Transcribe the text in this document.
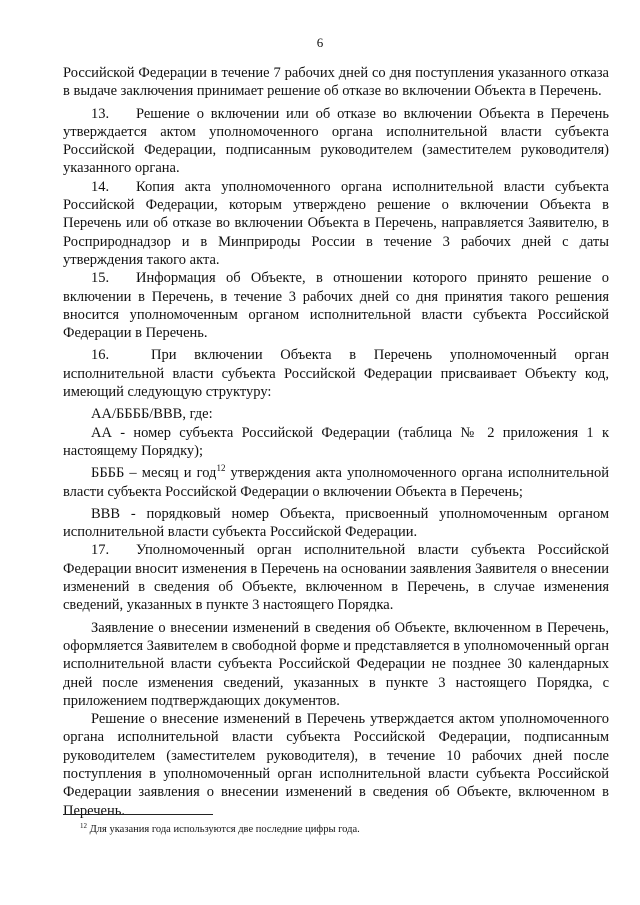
6

Российской Федерации в течение 7 рабочих дней со дня поступления указанного отказа в выдаче заключения принимает решение об отказе во включении Объекта в Перечень.

13. Решение о включении или об отказе во включении Объекта в Перечень утверждается актом уполномоченного органа исполнительной власти субъекта Российской Федерации, подписанным руководителем (заместителем руководителя) указанного органа.

14. Копия акта уполномоченного органа исполнительной власти субъекта Российской Федерации, которым утверждено решение о включении Объекта в Перечень или об отказе во включении Объекта в Перечень, направляется Заявителю, в Росприроднадзор и в Минприроды России в течение 3 рабочих дней с даты утверждения такого акта.

15. Информация об Объекте, в отношении которого принято решение о включении в Перечень, в течение 3 рабочих дней со дня принятия такого решения вносится уполномоченным органом исполнительной власти субъекта Российской Федерации в Перечень.

16.	При включении Объекта в Перечень уполномоченный орган исполнительной власти субъекта Российской Федерации присваивает Объекту код, имеющий следующую структуру:

АА/ББББ/ВВВ, где:

АА - номер субъекта Российской Федерации (таблица № 2 приложения 1 к настоящему Порядку);

ББББ – месяц и год$^{12}$ утверждения акта уполномоченного органа исполнительной власти субъекта Российской Федерации о включении Объекта в Перечень;

ВВВ - порядковый номер Объекта, присвоенный уполномоченным органом исполнительной власти субъекта Российской Федерации.

17. Уполномоченный орган исполнительной власти субъекта Российской Федерации вносит изменения в Перечень на основании заявления Заявителя о внесении изменений в сведения об Объекте, включенном в Перечень, в случае изменения сведений, указанных в пункте 3 настоящего Порядка.

Заявление о внесении изменений в сведения об Объекте, включенном в Перечень, оформляется Заявителем в свободной форме и представляется в уполномоченный орган исполнительной власти субъекта Российской Федерации не позднее 30 календарных дней после изменения сведений, указанных в пункте 3 настоящего Порядка, с приложением подтверждающих документов.

Решение о внесение изменений в Перечень утверждается актом уполномоченного органа исполнительной власти субъекта Российской Федерации, подписанным руководителем (заместителем руководителя), в течение 10 рабочих дней после поступления в уполномоченный орган исполнительной власти субъекта Российской Федерации заявления о внесении изменений в сведения об Объекте, включенном в Перечень.

$^{12}$ Для указания года используются две последние цифры года.
